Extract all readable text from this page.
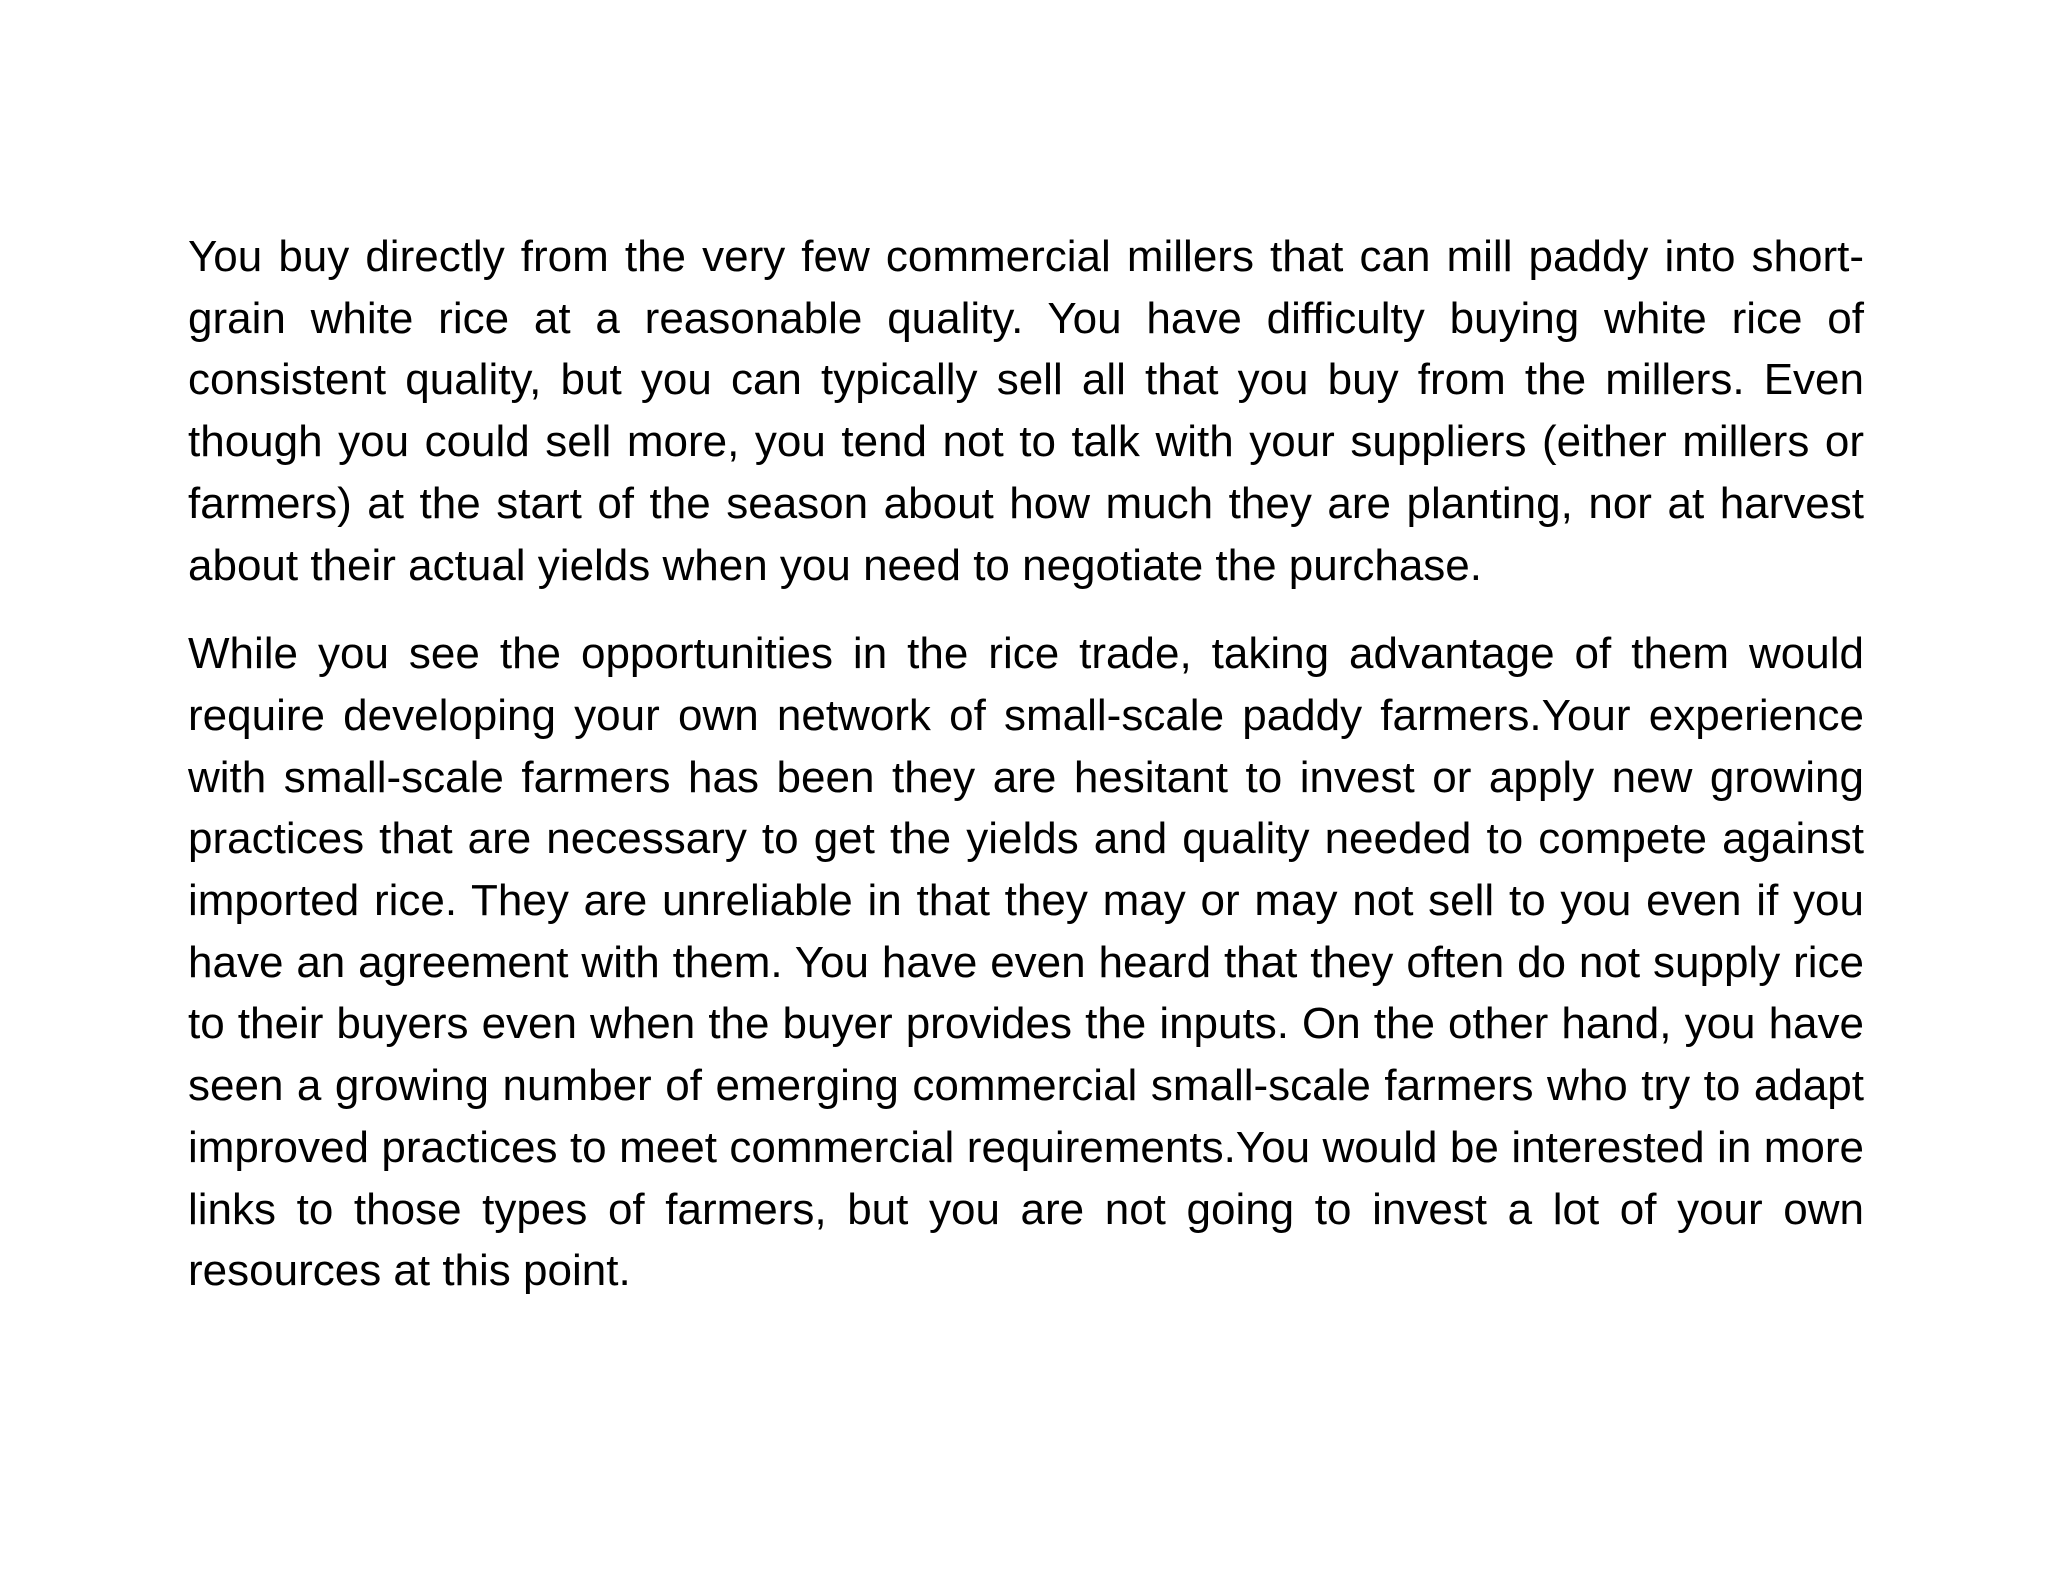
You buy directly from the very few commercial millers that can mill paddy into short-grain white rice at a reasonable quality. You have difficulty buying white rice of consistent quality, but you can typically sell all that you buy from the millers. Even though you could sell more, you tend not to talk with your suppliers (either millers or farmers) at the start of the season about how much they are planting, nor at harvest about their actual yields when you need to negotiate the purchase.

While you see the opportunities in the rice trade, taking advantage of them would require developing your own network of small-scale paddy farmers.Your experience with small-scale farmers has been they are hesitant to invest or apply new growing practices that are necessary to get the yields and quality needed to compete against imported rice. They are unreliable in that they may or may not sell to you even if you have an agreement with them. You have even heard that they often do not supply rice to their buyers even when the buyer provides the inputs. On the other hand, you have seen a growing number of emerging commercial small-scale farmers who try to adapt improved practices to meet commercial requirements.You would be interested in more links to those types of farmers, but you are not going to invest a lot of your own resources at this point.
